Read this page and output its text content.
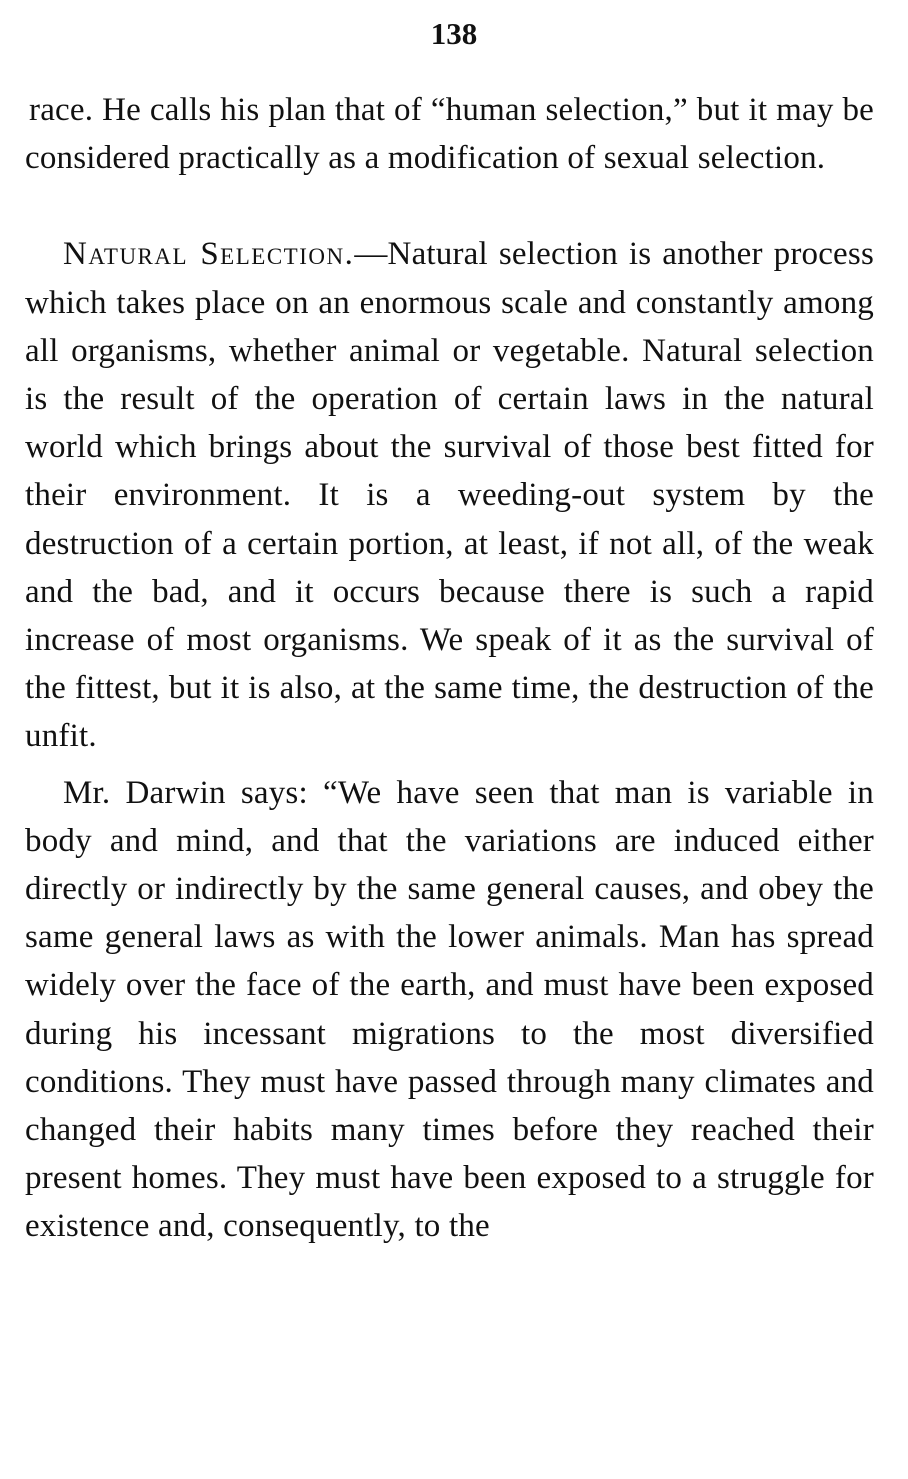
138

race. He calls his plan that of “human selection,” but it may be considered practically as a modification of sexual selection.

Natural Selection.—Natural selection is another process which takes place on an enormous scale and constantly among all organisms, whether animal or vegetable. Natural selection is the result of the operation of certain laws in the natural world which brings about the survival of those best fitted for their environment. It is a weeding-out system by the destruction of a certain portion, at least, if not all, of the weak and the bad, and it occurs because there is such a rapid increase of most organisms. We speak of it as the survival of the fittest, but it is also, at the same time, the destruction of the unfit.

Mr. Darwin says: “We have seen that man is variable in body and mind, and that the variations are induced either directly or indirectly by the same general causes, and obey the same general laws as with the lower animals. Man has spread widely over the face of the earth, and must have been exposed during his incessant migrations to the most diversified conditions. They must have passed through many climates and changed their habits many times before they reached their present homes. They must have been exposed to a struggle for existence and, consequently, to the
